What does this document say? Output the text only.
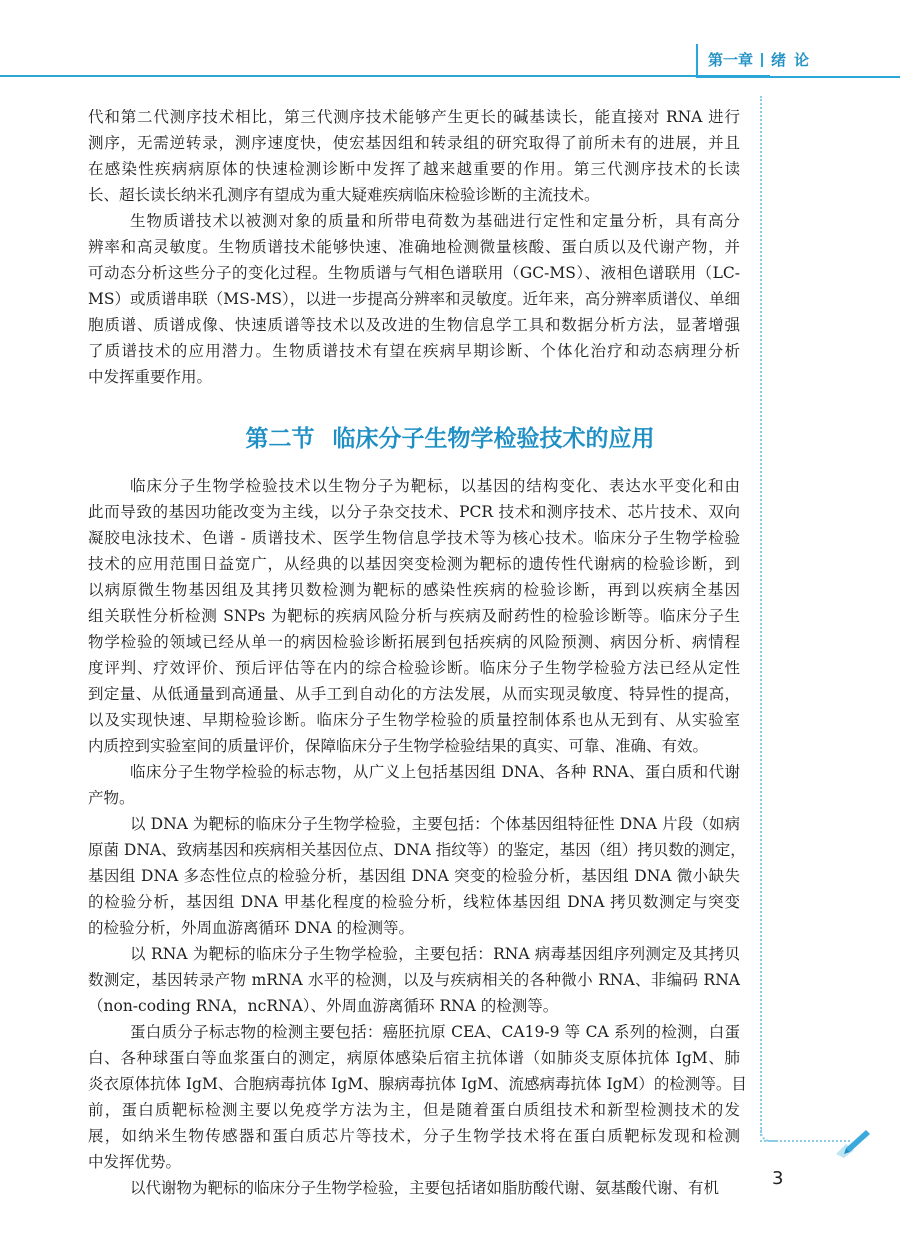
第一章 绪论
代和第二代测序技术相比，第三代测序技术能够产生更长的碱基读长，能直接对 RNA 进行
测序，无需逆转录，测序速度快，使宏基因组和转录组的研究取得了前所未有的进展，并且
在感染性疾病病原体的快速检测诊断中发挥了越来越重要的作用。第三代测序技术的长读
长、超长读长纳米孔测序有望成为重大疑难疾病临床检验诊断的主流技术。
生物质谱技术以被测对象的质量和所带电荷数为基础进行定性和定量分析，具有高分
辨率和高灵敏度。生物质谱技术能够快速、准确地检测微量核酸、蛋白质以及代谢产物，并
可动态分析这些分子的变化过程。生物质谱与气相色谱联用（GC-MS）、液相色谱联用（LC-
MS）或质谱串联（MS-MS），以进一步提高分辨率和灵敏度。近年来，高分辨率质谱仪、单细
胞质谱、质谱成像、快速质谱等技术以及改进的生物信息学工具和数据分析方法，显著增强
了质谱技术的应用潜力。生物质谱技术有望在疾病早期诊断、个体化治疗和动态病理分析
中发挥重要作用。
第二节 临床分子生物学检验技术的应用
临床分子生物学检验技术以生物分子为靶标，以基因的结构变化、表达水平变化和由
此而导致的基因功能改变为主线，以分子杂交技术、PCR 技术和测序技术、芯片技术、双向
凝胶电泳技术、色谱 - 质谱技术、医学生物信息学技术等为核心技术。临床分子生物学检验
技术的应用范围日益宽广，从经典的以基因突变检测为靶标的遗传性代谢病的检验诊断，到
以病原微生物基因组及其拷贝数检测为靶标的感染性疾病的检验诊断，再到以疾病全基因
组关联性分析检测 SNPs 为靶标的疾病风险分析与疾病及耐药性的检验诊断等。临床分子生
物学检验的领域已经从单一的病因检验诊断拓展到包括疾病的风险预测、病因分析、病情程
度评判、疗效评价、预后评估等在内的综合检验诊断。临床分子生物学检验方法已经从定性
到定量、从低通量到高通量、从手工到自动化的方法发展，从而实现灵敏度、特异性的提高，
以及实现快速、早期检验诊断。临床分子生物学检验的质量控制体系也从无到有、从实验室
内质控到实验室间的质量评价，保障临床分子生物学检验结果的真实、可靠、准确、有效。
临床分子生物学检验的标志物，从广义上包括基因组 DNA、各种 RNA、蛋白质和代谢
产物。
以 DNA 为靶标的临床分子生物学检验，主要包括：个体基因组特征性 DNA 片段（如病
原菌 DNA、致病基因和疾病相关基因位点、DNA 指纹等）的鉴定，基因（组）拷贝数的测定，
基因组 DNA 多态性位点的检验分析，基因组 DNA 突变的检验分析，基因组 DNA 微小缺失
的检验分析，基因组 DNA 甲基化程度的检验分析，线粒体基因组 DNA 拷贝数测定与突变
的检验分析，外周血游离循环 DNA 的检测等。
以 RNA 为靶标的临床分子生物学检验，主要包括：RNA 病毒基因组序列测定及其拷贝
数测定，基因转录产物 mRNA 水平的检测，以及与疾病相关的各种微小 RNA、非编码 RNA
（non-coding RNA，ncRNA）、外周血游离循环 RNA 的检测等。
蛋白质分子标志物的检测主要包括：癌胚抗原 CEA、CA19-9 等 CA 系列的检测，白蛋
白、各种球蛋白等血浆蛋白的测定，病原体感染后宿主抗体谱（如肺炎支原体抗体 IgM、肺
炎衣原体抗体 IgM、合胞病毒抗体 IgM、腺病毒抗体 IgM、流感病毒抗体 IgM）的检测等。目
前，蛋白质靶标检测主要以免疫学方法为主，但是随着蛋白质组技术和新型检测技术的发
展，如纳米生物传感器和蛋白质芯片等技术，分子生物学技术将在蛋白质靶标发现和检测
中发挥优势。
以代谢物为靶标的临床分子生物学检验，主要包括诸如脂肪酸代谢、氨基酸代谢、有机	3
